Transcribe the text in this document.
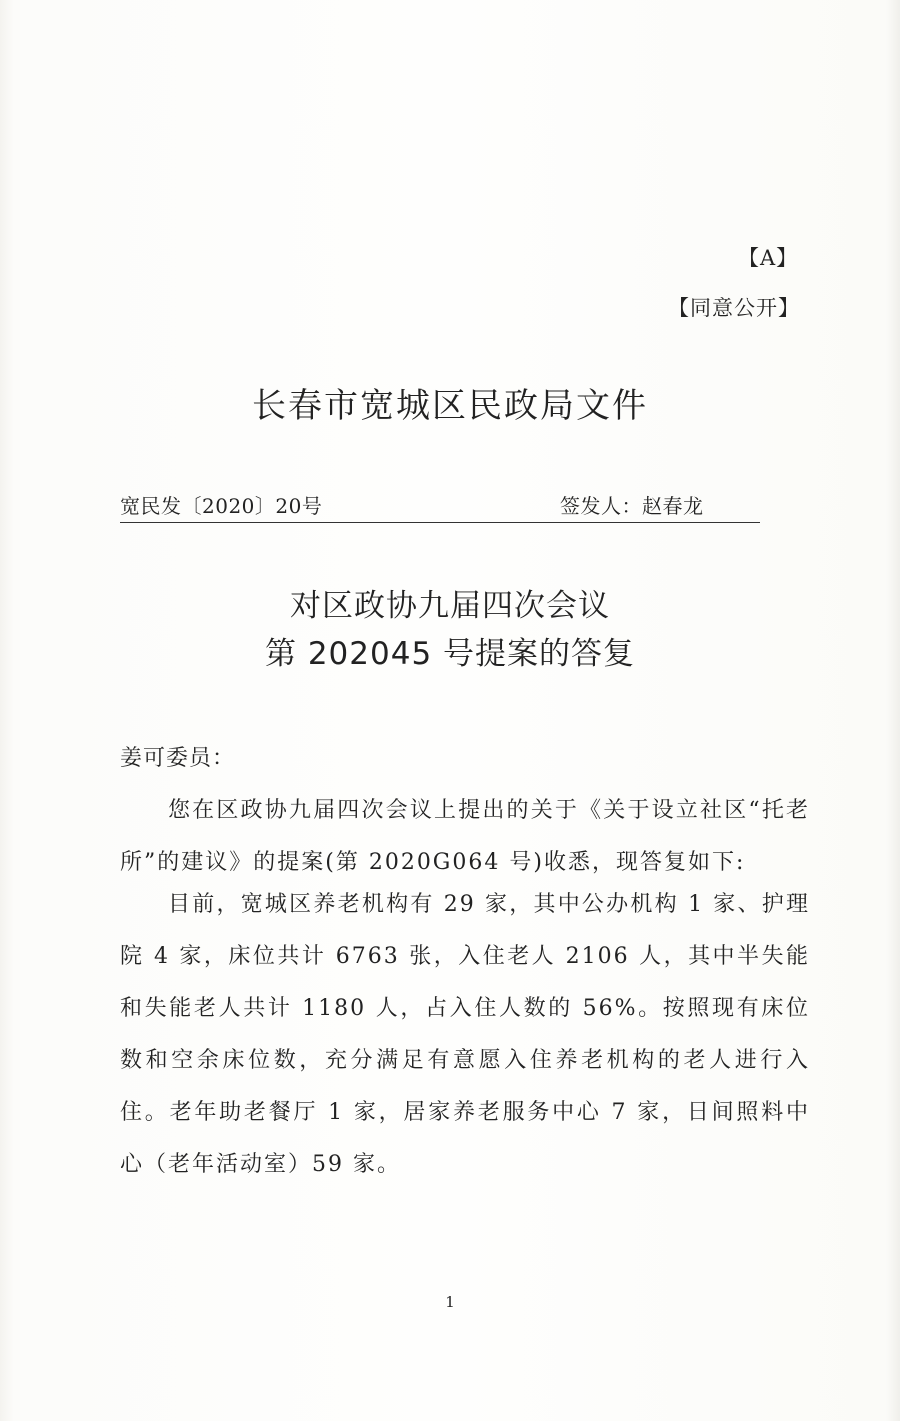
【A】
【同意公开】
长春市宽城区民政局文件
宽民发〔2020〕20号	签发人：赵春龙
对区政协九届四次会议
第 202045 号提案的答复
姜可委员：

您在区政协九届四次会议上提出的关于《关于设立社区“托老所”的建议》的提案(第 2020G064 号)收悉，现答复如下:

目前，宽城区养老机构有 29 家，其中公办机构 1 家、护理院 4 家，床位共计 6763 张，入住老人 2106 人，其中半失能和失能老人共计 1180 人，占入住人数的 56%。按照现有床位数和空余床位数，充分满足有意愿入住养老机构的老人进行入住。老年助老餐厅 1 家，居家养老服务中心 7 家，日间照料中心（老年活动室）59 家。

1
